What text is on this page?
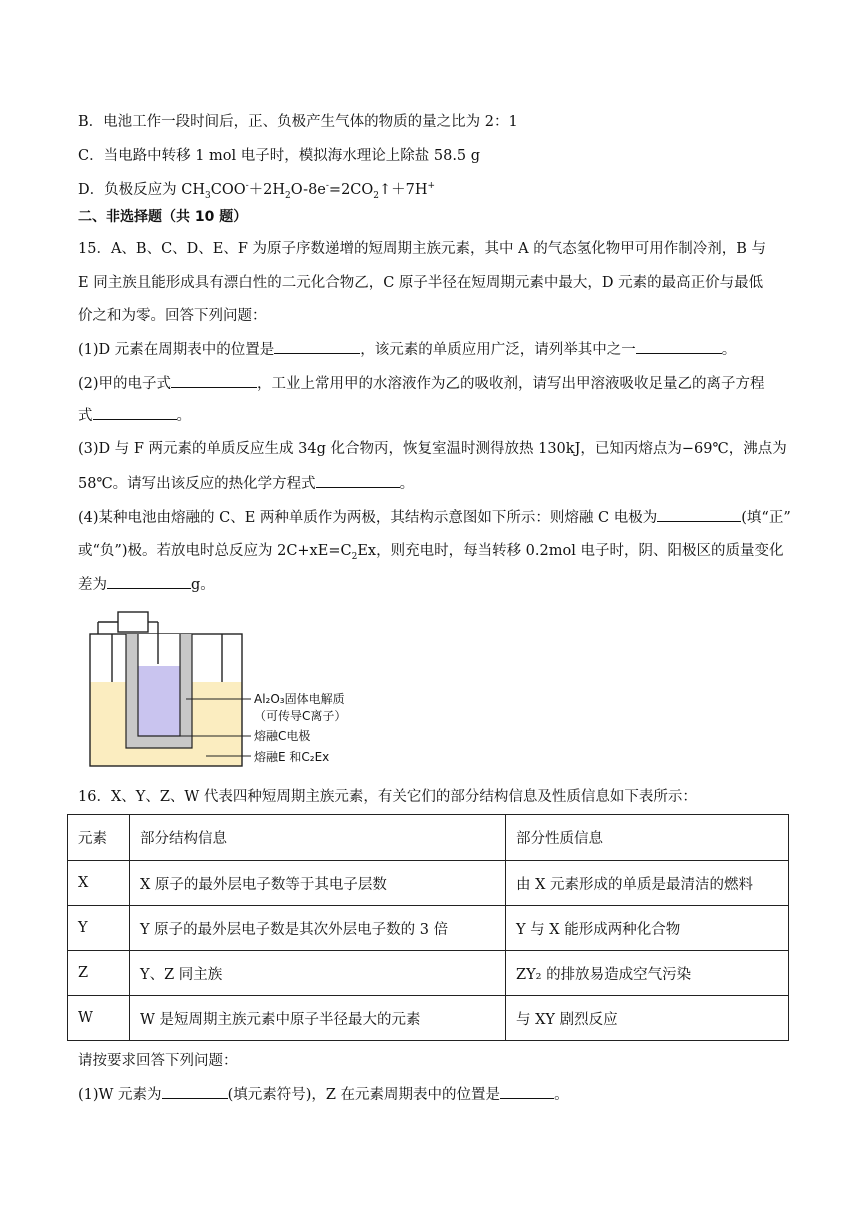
B．电池工作一段时间后，正、负极产生气体的物质的量之比为 2：1
C．当电路中转移 1 mol 电子时，模拟海水理论上除盐 58.5 g
D．负极反应为 $CH_3COO^-+2H_2O-8e^-=2CO_2↑+7H^+$
二、非选择题（共 10 题）
15．A、B、C、D、E、F 为原子序数递增的短周期主族元素，其中 A 的气态氢化物甲可用作制冷剂，B 与
E 同主族且能形成具有漂白性的二元化合物乙，C 原子半径在短周期元素中最大，D 元素的最高正价与最低
价之和为零。回答下列问题：
(1)D 元素在周期表中的位置是	，该元素的单质应用广泛，请列举其中之一	。
(2)甲的电子式	，工业上常用甲的水溶液作为乙的吸收剂，请写出甲溶液吸收足量乙的离子方程
式	。
(3)D 与 F 两元素的单质反应生成 34g 化合物丙，恢复室温时测得放热 130kJ，已知丙熔点为−69℃，沸点为
58℃。请写出该反应的热化学方程式	。
(4)某种电池由熔融的 C、E 两种单质作为两极，其结构示意图如下所示：则熔融 C 电极为	(填“正”
或“负”)极。若放电时总反应为 $2C+xE=C_2Ex$，则充电时，每当转移 0.2mol 电子时，阴、阳极区的质量变化
差为	g。
Al₂O₃固体电解质
（可传导C离子）
熔融C电极
熔融E 和C₂Ex
16．X、Y、Z、W 代表四种短周期主族元素，有关它们的部分结构信息及性质信息如下表所示：
元素	部分结构信息	部分性质信息
X	X 原子的最外层电子数等于其电子层数	由 X 元素形成的单质是最清洁的燃料
Y	Y 原子的最外层电子数是其次外层电子数的 3 倍	Y 与 X 能形成两种化合物
Z	Y、Z 同主族	ZY₂ 的排放易造成空气污染
W	W 是短周期主族元素中原子半径最大的元素	与 XY 剧烈反应
请按要求回答下列问题：
(1)W 元素为	(填元素符号)，Z 在元素周期表中的位置是	。
